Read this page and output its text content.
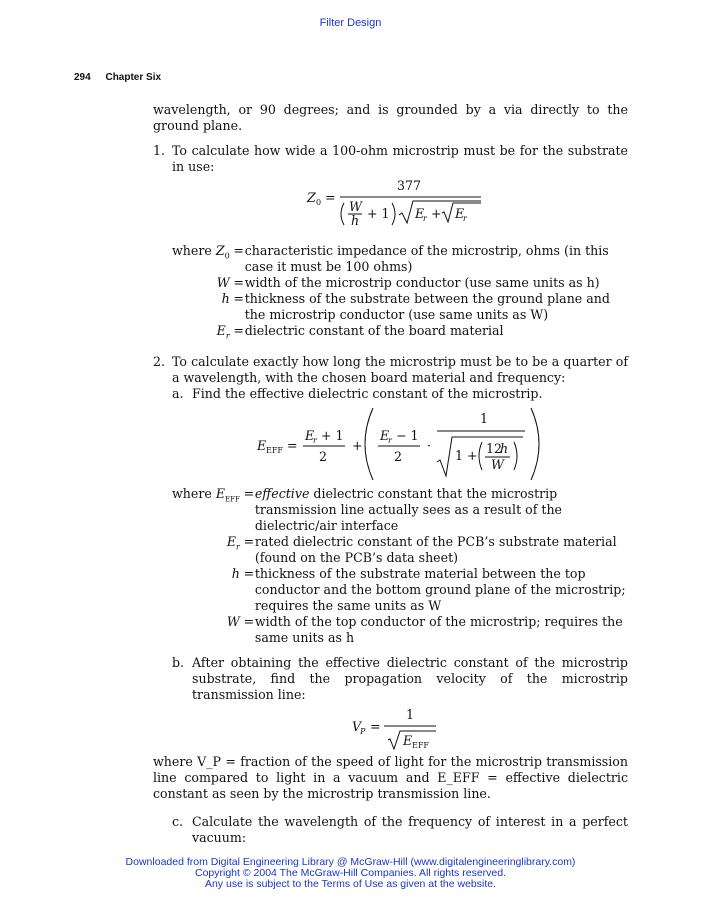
Filter Design
294 Chapter Six

wavelength, or 90 degrees; and is grounded by a via directly to the ground plane.

1. To calculate how wide a 100-ohm microstrip must be for the substrate in use:

Z 0 =
377
W
h + 1 E
r + E
r
where $Z_0$	=	characteristic impedance of the microstrip, ohms (in this case it must be 100 ohms)
W	=	width of the microstrip conductor (use same units as h)
h	=	thickness of the substrate between the ground plane and the microstrip conductor (use same units as W)
$E_r$	=	dielectric constant of the board material
2. To calculate exactly how long the microstrip must be to be a quarter of a wavelength, with the chosen board material and frequency:

a. Find the effective dielectric constant of the microstrip.

E EFF =
E
r + 1
2
+
E
r − 1
2
·
1
1 + 12
h
W
where $E_{EFF}$	=	effective dielectric constant that the microstrip transmission line actually sees as a result of the dielectric/air interface
$E_r$	=	rated dielectric constant of the PCB’s substrate material (found on the PCB’s data sheet)
h	=	thickness of the substrate material between the top conductor and the bottom ground plane of the microstrip; requires the same units as W
W	=	width of the top conductor of the microstrip; requires the same units as h
b. After obtaining the effective dielectric constant of the microstrip substrate, find the propagation velocity of the microstrip transmission line:

V
P =
1
E EFF

where V_P = fraction of the speed of light for the microstrip transmission line compared to light in a vacuum and E_EFF = effective dielectric constant as seen by the microstrip transmission line.

c. Calculate the wavelength of the frequency of interest in a perfect vacuum:

Downloaded from Digital Engineering Library @ McGraw-Hill (www.digitalengineeringlibrary.com)
Copyright © 2004 The McGraw-Hill Companies. All rights reserved.
Any use is subject to the Terms of Use as given at the website.
